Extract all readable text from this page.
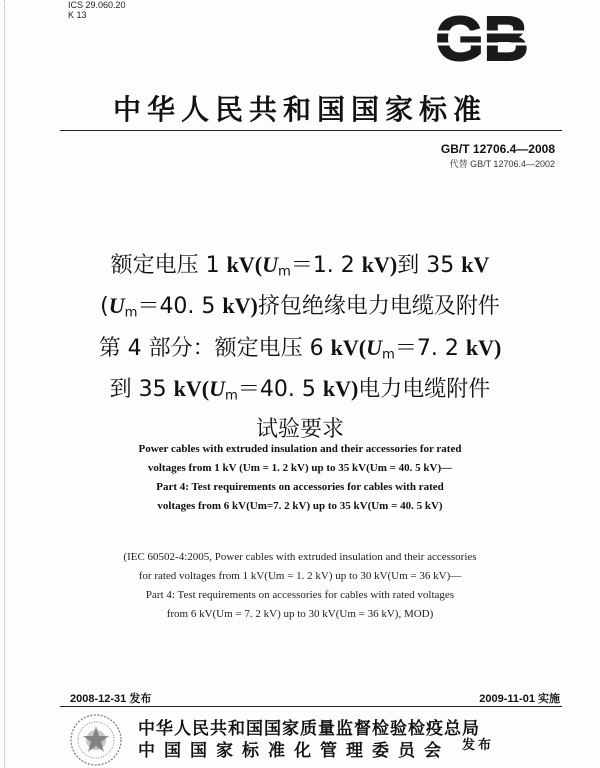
ICS 29.060.20
K 13	GB
中华人民共和国国家标准
GB/T 12706.4—2008
代替 GB/T 12706.4—2002
额定电压 1 $kV(U_m=1$. 2 kV)到 35 kV
($U_m=40$. 5 kV)挤包绝缘电力电缆及附件
第 4 部分：额定电压 6 $kV(U_m=7$. 2 kV)
到 35 $kV(U_m=40$. 5 kV)电力电缆附件
试验要求
Power cables with extruded insulation and their accessories for rated
voltages from 1 kV (Um = 1. 2 kV) up to 35 kV(Um = 40. 5 kV)—
Part 4: Test requirements on accessories for cables with rated
voltages from 6 kV(Um=7. 2 kV) up to 35 kV(Um = 40. 5 kV)
(IEC 60502-4:2005, Power cables with extruded insulation and their accessories
for rated voltages from 1 kV(Um = 1. 2 kV) up to 30 kV(Um = 36 kV)—
Part 4: Test requirements on accessories for cables with rated voltages
from 6 kV(Um = 7. 2 kV) up to 30 kV(Um = 36 kV), MOD)
2008-12-31 发布	2009-11-01 实施
中华人民共和国国家质量监督检验检疫总局
中国国家标准化管理委员会 发布
